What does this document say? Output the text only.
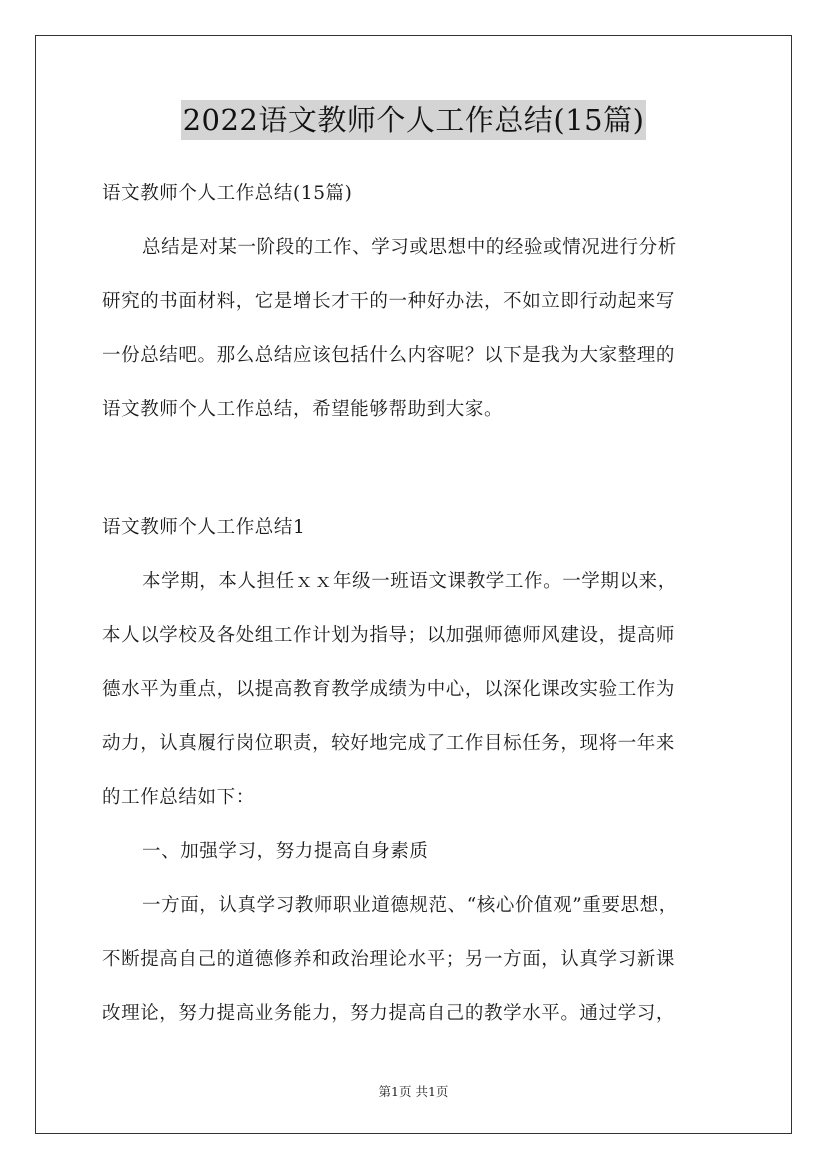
2022语文教师个人工作总结(15篇)

语文教师个人工作总结(15篇)

总结是对某一阶段的工作、学习或思想中的经验或情况进行分析

研究的书面材料，它是增长才干的一种好办法，不如立即行动起来写

一份总结吧。那么总结应该包括什么内容呢？以下是我为大家整理的

语文教师个人工作总结，希望能够帮助到大家。

语文教师个人工作总结1

本学期，本人担任ｘｘ年级一班语文课教学工作。一学期以来，

本人以学校及各处组工作计划为指导；以加强师德师风建设，提高师

德水平为重点，以提高教育教学成绩为中心，以深化课改实验工作为

动力，认真履行岗位职责，较好地完成了工作目标任务，现将一年来

的工作总结如下：

一、加强学习，努力提高自身素质

一方面，认真学习教师职业道德规范、“核心价值观”重要思想，

不断提高自己的道德修养和政治理论水平；另一方面，认真学习新课

改理论，努力提高业务能力，努力提高自己的教学水平。通过学习，

第1页 共1页
